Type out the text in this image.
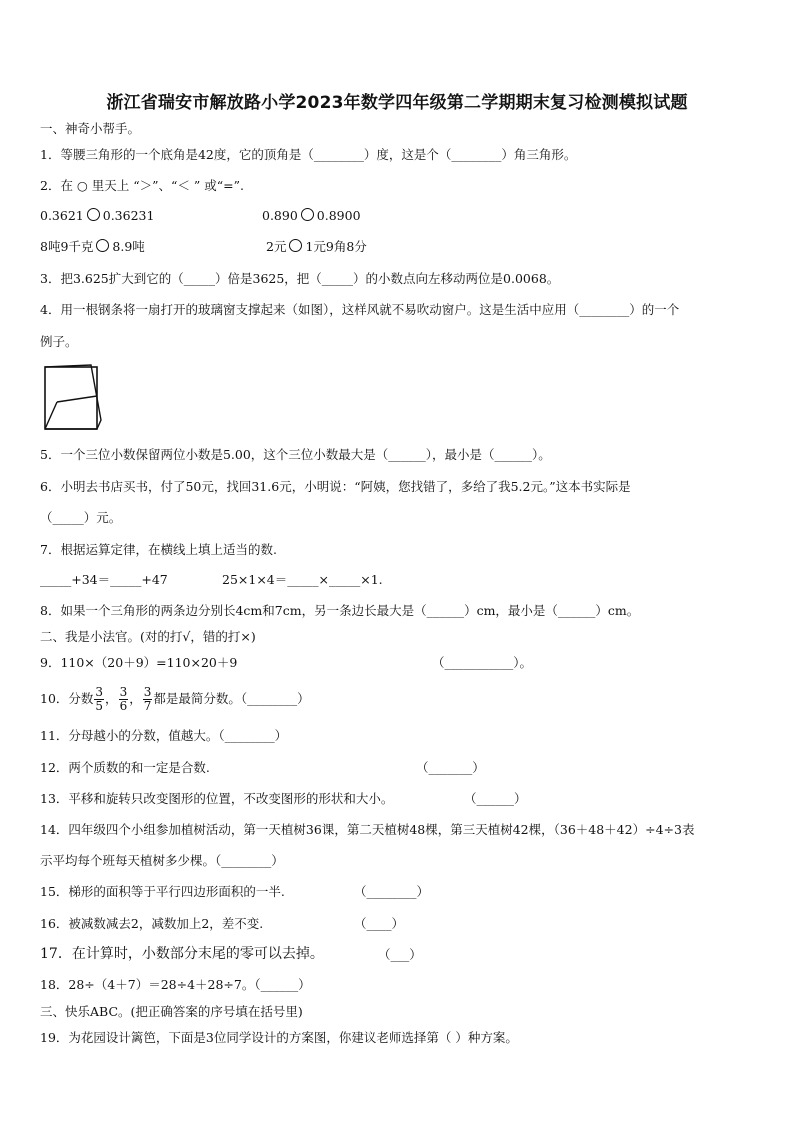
浙江省瑞安市解放路小学2023年数学四年级第二学期期末复习检测模拟试题
一、神奇小帮手。
1．等腰三角形的一个底角是42度，它的顶角是（________）度，这是个（________）角三角形。
2．在 ○ 里天上 “＞”、“＜ ” 或“=”.
0.3621 0.36231	0.890 0.8900
8吨9千克 8.9吨	2元 1元9角8分
3．把3.625扩大到它的（_____）倍是3625，把（_____）的小数点向左移动两位是0.0068。
4．用一根钢条将一扇打开的玻璃窗支撑起来（如图），这样风就不易吹动窗户。这是生活中应用（________）的一个
例子。
5．一个三位小数保留两位小数是5.00，这个三位小数最大是（______），最小是（______）。
6．小明去书店买书，付了50元，找回31.6元，小明说：“阿姨，您找错了，多给了我5.2元。”这本书实际是
（_____）元。
7．根据运算定律，在横线上填上适当的数.
_____+34＝_____+47	25×1×4＝_____×_____×1.
8．如果一个三角形的两条边分别长4cm和7cm，另一条边长最大是（______）cm，最小是（______）cm。
二、我是小法官。(对的打√，错的打×)
9．110×（20＋9）=110×20＋9	（___________）。
10．分数 $\frac{3}{5}$ ， $\frac{3}{6}$ ， $\frac{3}{7}$ 都是最简分数。（________）
11．分母越小的分数，值越大。（________）
12．两个质数的和一定是合数.	（_______）
13．平移和旋转只改变图形的位置，不改变图形的形状和大小。	（______）
14．四年级四个小组参加植树活动，第一天植树36课，第二天植树48棵，第三天植树42棵，（36＋48＋42）÷4÷3表
示平均每个班每天植树多少棵。（________）
15．梯形的面积等于平行四边形面积的一半.	（________）
16．被减数减去2，减数加上2，差不变.	（____）
17．在计算时，小数部分末尾的零可以去掉。	（___）
18．28÷（4＋7）＝28÷4＋28÷7。（______）
三、快乐ABC。(把正确答案的序号填在括号里)
19．为花园设计篱笆，下面是3位同学设计的方案图，你建议老师选择第（ ）种方案。
